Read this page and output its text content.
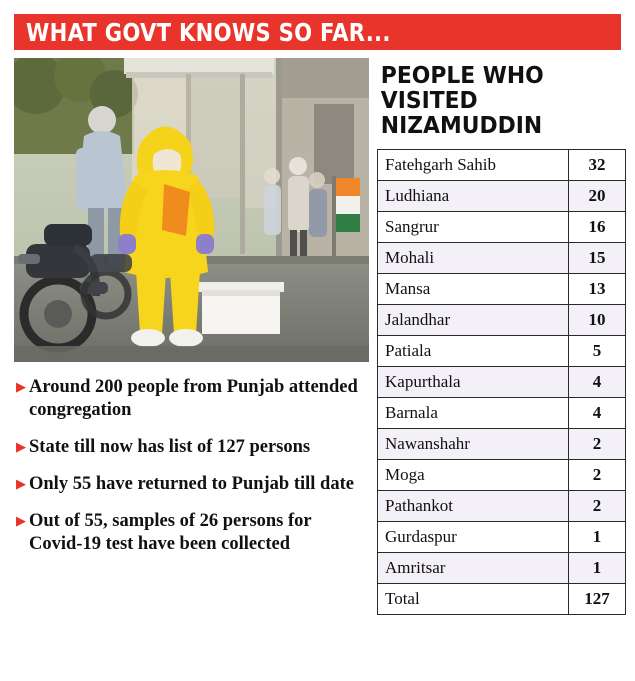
WHAT GOVT KNOWS SO FAR...
▶ Around 200 people from Punjab attended congregation
▶ State till now has list of 127 persons
▶ Only 55 have returned to Punjab till date
▶ Out of 55, samples of 26 persons for Covid-19 test have been collected
PEOPLE WHO VISITED NIZAMUDDIN
Fatehgarh Sahib	32
Ludhiana	20
Sangrur	16
Mohali	15
Mansa	13
Jalandhar	10
Patiala	5
Kapurthala	4
Barnala	4
Nawanshahr	2
Moga	2
Pathankot	2
Gurdaspur	1
Amritsar	1
Total	127
